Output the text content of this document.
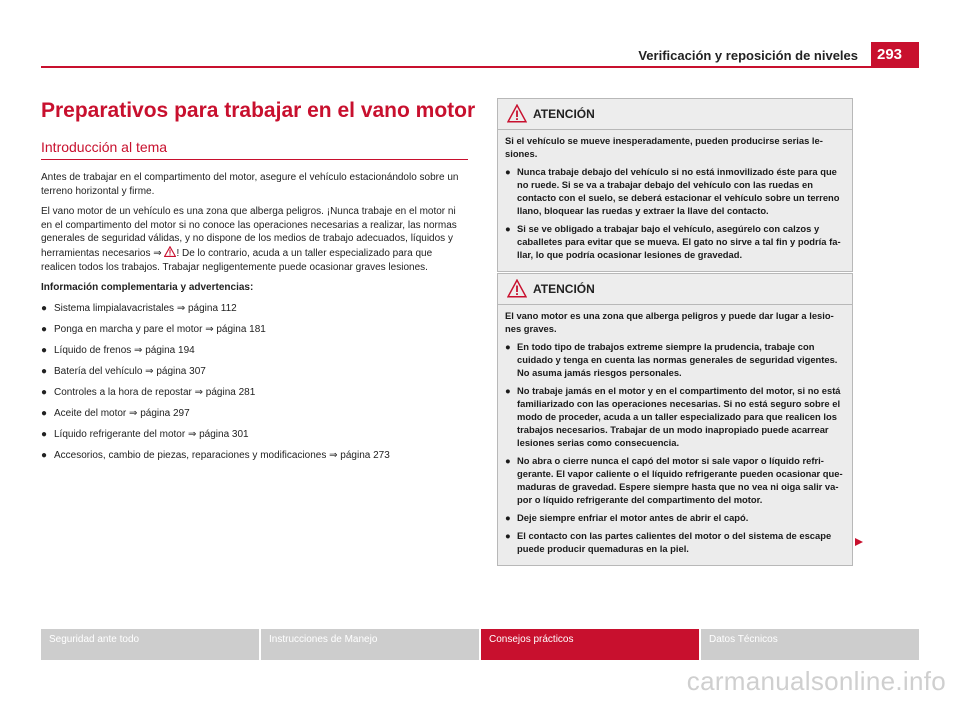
Verificación y reposición de niveles	293
Preparativos para trabajar en el vano motor
Introducción al tema

Antes de trabajar en el compartimento del motor, asegure el vehículo estacionándolo sobre un terreno horizontal y firme.

El vano motor de un vehículo es una zona que alberga peligros. ¡Nunca trabaje en el motor ni en el compartimento del motor si no conoce las operaciones necesarias a realizar, las normas generales de seguridad válidas, y no dispone de los medios de trabajo adecuados, líquidos y herramientas necesarios ⇒ ! De lo contrario, acuda a un taller especializado para que realicen todos los trabajos. Trabajar negligentemente puede ocasionar graves lesiones.

Información complementaria y advertencias:

● Sistema limpialavacristales ⇒ página 112
● Ponga en marcha y pare el motor ⇒ página 181
● Líquido de frenos ⇒ página 194
● Batería del vehículo ⇒ página 307
● Controles a la hora de repostar ⇒ página 281
● Aceite del motor ⇒ página 297
● Líquido refrigerante del motor ⇒ página 301
● Accesorios, cambio de piezas, reparaciones y modificaciones ⇒ página 273
ATENCIÓN

Si el vehículo se mueve inesperadamente, pueden producirse serias lesiones.

● Nunca trabaje debajo del vehículo si no está inmovilizado éste para que no ruede. Si se va a trabajar debajo del vehículo con las ruedas en contacto con el suelo, se deberá estacionar el vehículo sobre un terreno llano, bloquear las ruedas y extraer la llave del contacto.
● Si se ve obligado a trabajar bajo el vehículo, asegúrelo con calzos y caballetes para evitar que se mueva. El gato no sirve a tal fin y podría fallar, lo que podría ocasionar lesiones de gravedad.
ATENCIÓN

El vano motor es una zona que alberga peligros y puede dar lugar a lesiones graves.

● En todo tipo de trabajos extreme siempre la prudencia, trabaje con cuidado y tenga en cuenta las normas generales de seguridad vigentes. No asuma jamás riesgos personales.
● No trabaje jamás en el motor y en el compartimento del motor, si no está familiarizado con las operaciones necesarias. Si no está seguro sobre el modo de proceder, acuda a un taller especializado para que realicen los trabajos necesarios. Trabajar de un modo inapropiado puede acarrear lesiones serias como consecuencia.
● No abra o cierre nunca el capó del motor si sale vapor o líquido refrigerante. El vapor caliente o el líquido refrigerante pueden ocasionar quemaduras de gravedad. Espere siempre hasta que no vea ni oiga salir vapor o líquido refrigerante del compartimento del motor.
● Deje siempre enfriar el motor antes de abrir el capó.
● El contacto con las partes calientes del motor o del sistema de escape puede producir quemaduras en la piel.
Seguridad ante todo	Instrucciones de Manejo	Consejos prácticos	Datos Técnicos
carmanualsonline.info
